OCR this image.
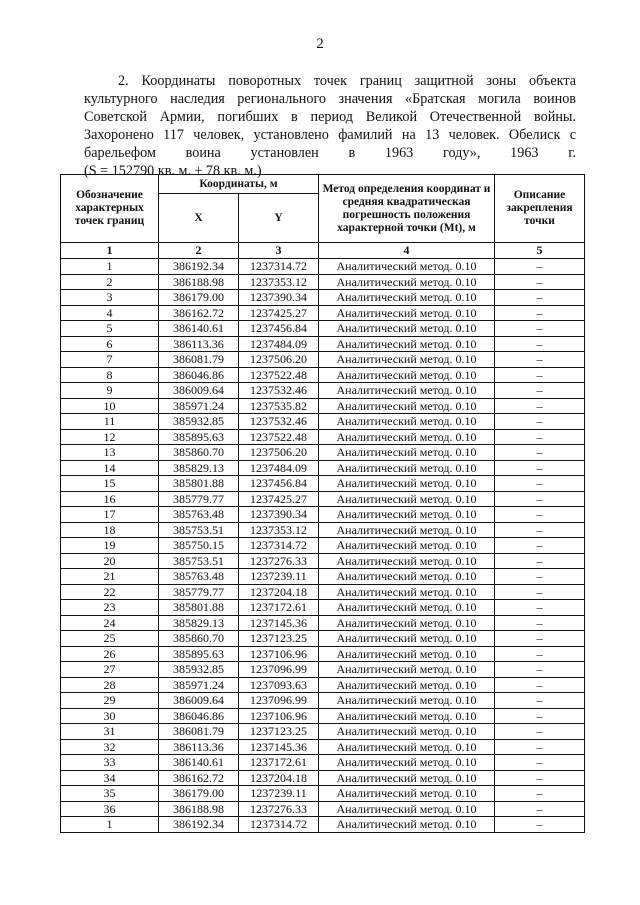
2

2. Координаты поворотных точек границ защитной зоны объекта
культурного наследия регионального значения «Братская могила воинов
Советской Армии, погибших в период Великой Отечественной войны.
Захоронено 117 человек, установлено фамилий на 13 человек. Обелиск с
барельефом воина установлен в 1963 году», 1963 г.
(S = 152790 кв. м. ± 78 кв. м.)

Обозначение характерных точек границ	Координаты, м		Метод определения координат и средняя квадратическая погрешность положения характерной точки (Mt), м	Описание закрепления точки
	X	Y		
1	2	3	4	5
1	386192.34	1237314.72	Аналитический метод. 0.10	–
2	386188.98	1237353.12	Аналитический метод. 0.10	–
3	386179.00	1237390.34	Аналитический метод. 0.10	–
4	386162.72	1237425.27	Аналитический метод. 0.10	–
5	386140.61	1237456.84	Аналитический метод. 0.10	–
6	386113.36	1237484.09	Аналитический метод. 0.10	–
7	386081.79	1237506.20	Аналитический метод. 0.10	–
8	386046.86	1237522.48	Аналитический метод. 0.10	–
9	386009.64	1237532.46	Аналитический метод. 0.10	–
10	385971.24	1237535.82	Аналитический метод. 0.10	–
11	385932.85	1237532.46	Аналитический метод. 0.10	–
12	385895.63	1237522.48	Аналитический метод. 0.10	–
13	385860.70	1237506.20	Аналитический метод. 0.10	–
14	385829.13	1237484.09	Аналитический метод. 0.10	–
15	385801.88	1237456.84	Аналитический метод. 0.10	–
16	385779.77	1237425.27	Аналитический метод. 0.10	–
17	385763.48	1237390.34	Аналитический метод. 0.10	–
18	385753.51	1237353.12	Аналитический метод. 0.10	–
19	385750.15	1237314.72	Аналитический метод. 0.10	–
20	385753.51	1237276.33	Аналитический метод. 0.10	–
21	385763.48	1237239.11	Аналитический метод. 0.10	–
22	385779.77	1237204.18	Аналитический метод. 0.10	–
23	385801.88	1237172.61	Аналитический метод. 0.10	–
24	385829.13	1237145.36	Аналитический метод. 0.10	–
25	385860.70	1237123.25	Аналитический метод. 0.10	–
26	385895.63	1237106.96	Аналитический метод. 0.10	–
27	385932.85	1237096.99	Аналитический метод. 0.10	–
28	385971.24	1237093.63	Аналитический метод. 0.10	–
29	386009.64	1237096.99	Аналитический метод. 0.10	–
30	386046.86	1237106.96	Аналитический метод. 0.10	–
31	386081.79	1237123.25	Аналитический метод. 0.10	–
32	386113.36	1237145.36	Аналитический метод. 0.10	–
33	386140.61	1237172.61	Аналитический метод. 0.10	–
34	386162.72	1237204.18	Аналитический метод. 0.10	–
35	386179.00	1237239.11	Аналитический метод. 0.10	–
36	386188.98	1237276.33	Аналитический метод. 0.10	–
1	386192.34	1237314.72	Аналитический метод. 0.10	–
